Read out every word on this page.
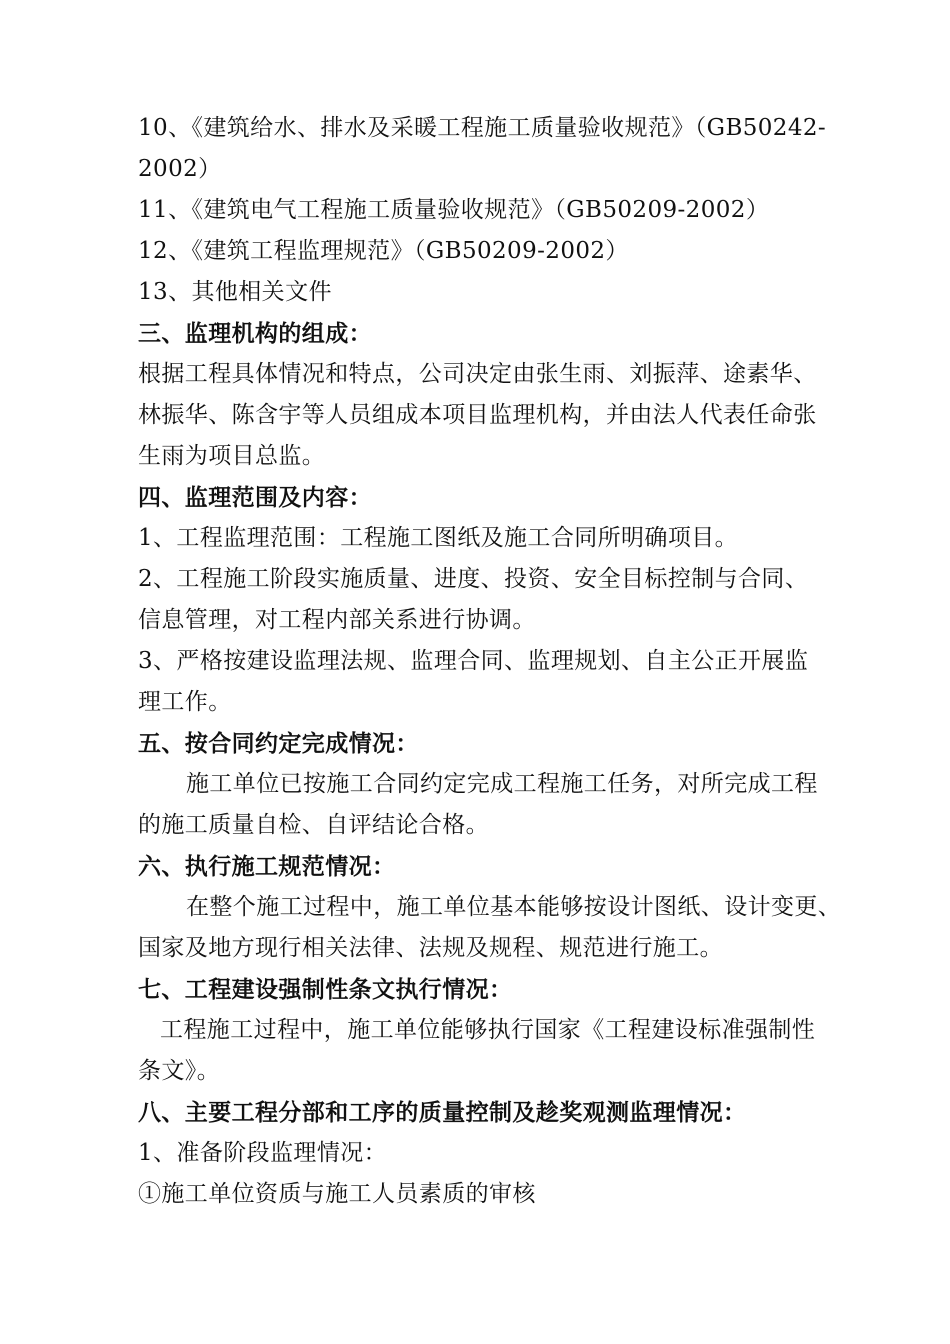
10、《建筑给水、排水及采暖工程施工质量验收规范》（GB50242-
2002）
11、《建筑电气工程施工质量验收规范》（GB50209-2002）
12、《建筑工程监理规范》（GB50209-2002）
13、其他相关文件
三、监理机构的组成：
根据工程具体情况和特点，公司决定由张生雨、刘振萍、途素华、
林振华、陈含宇等人员组成本项目监理机构，并由法人代表任命张
生雨为项目总监。
四、监理范围及内容：
1、工程监理范围：工程施工图纸及施工合同所明确项目。
2、工程施工阶段实施质量、进度、投资、安全目标控制与合同、
信息管理，对工程内部关系进行协调。
3、严格按建设监理法规、监理合同、监理规划、自主公正开展监
理工作。
五、按合同约定完成情况：
施工单位已按施工合同约定完成工程施工任务，对所完成工程
的施工质量自检、自评结论合格。
六、执行施工规范情况：
在整个施工过程中，施工单位基本能够按设计图纸、设计变更、
国家及地方现行相关法律、法规及规程、规范进行施工。
七、工程建设强制性条文执行情况：
工程施工过程中，施工单位能够执行国家《工程建设标准强制性
条文》。
八、主要工程分部和工序的质量控制及趁奖观测监理情况：
1、准备阶段监理情况：
①施工单位资质与施工人员素质的审核
